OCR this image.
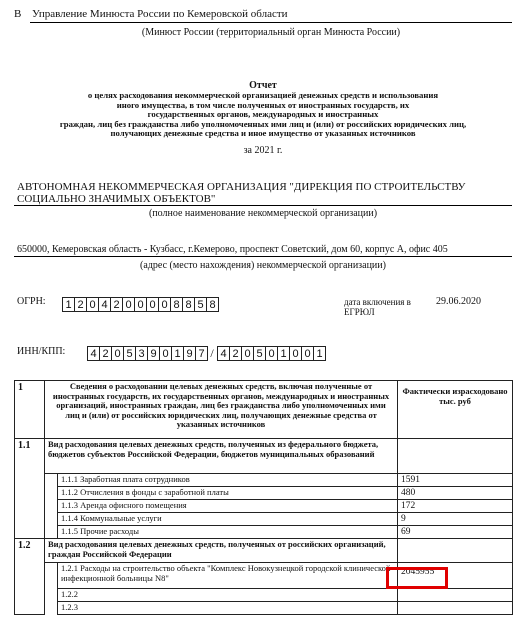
В Управление Минюста России по Кемеровской области
(Минюст России (территориальный орган Минюста России)
Отчет
о целях расходования некоммерческой организацией денежных средств и использования
иного имущества, в том числе полученных от иностранных государств, их
государственных органов, международных и иностранных
граждан, лиц без гражданства либо уполномоченных ими лиц и (или) от российских юридических лиц,
получающих денежные средства и иное имущество от указанных источников
за 2021 г.
АВТОНОМНАЯ НЕКОММЕРЧЕСКАЯ ОРГАНИЗАЦИЯ "ДИРЕКЦИЯ ПО СТРОИТЕЛЬСТВУ
СОЦИАЛЬНО ЗНАЧИМЫХ ОБЪЕКТОВ"
(полное наименование некоммерческой организации)
650000, Кемеровская область - Кузбасс, г.Кемерово, проспект Советский, дом 60, корпус А, офис 405
(адрес (место нахождения) некоммерческой организации)
ОГРН:	1 2 0 4 2 0 0 0 0 8 8 5 8	дата включения в
ЕГРЮЛ
29.06.2020
ИНН/КПП:	4 2 0 5 3 9 0 1 9 7 / 4 2 0 5 0 1 0 0 1
1	Сведения о расходовании целевых денежных средств, включая полученные от иностранных государств, их государственных органов, международных и иностранных организаций, иностранных граждан, лиц без гражданства либо уполномоченных ими лиц и (или) от российских юридических лиц, получающих денежные средства от указанных источников		Фактически израсходовано тыс. руб
1.1	Вид расходования целевых денежных средств, полученных из федерального бюджета, бюджетов субъектов Российской Федерации, бюджетов муниципальных образований		
		1.1.1 Заработная плата сотрудников	1591
		1.1.2 Отчисления в фонды с заработной платы	480
		1.1.3 Аренда офисного помещения	172
		1.1.4 Коммунальные услуги	9
		1.1.5 Прочие расходы	69
1.2	Вид расходования целевых денежных средств, полученных от российских организаций, граждан Российской Федерации		
		1.2.1 Расходы на строительство объекта "Комплекс Новокузнецкой городской клинической инфекционной больницы N8"	2045955
		1.2.2	
		1.2.3	
